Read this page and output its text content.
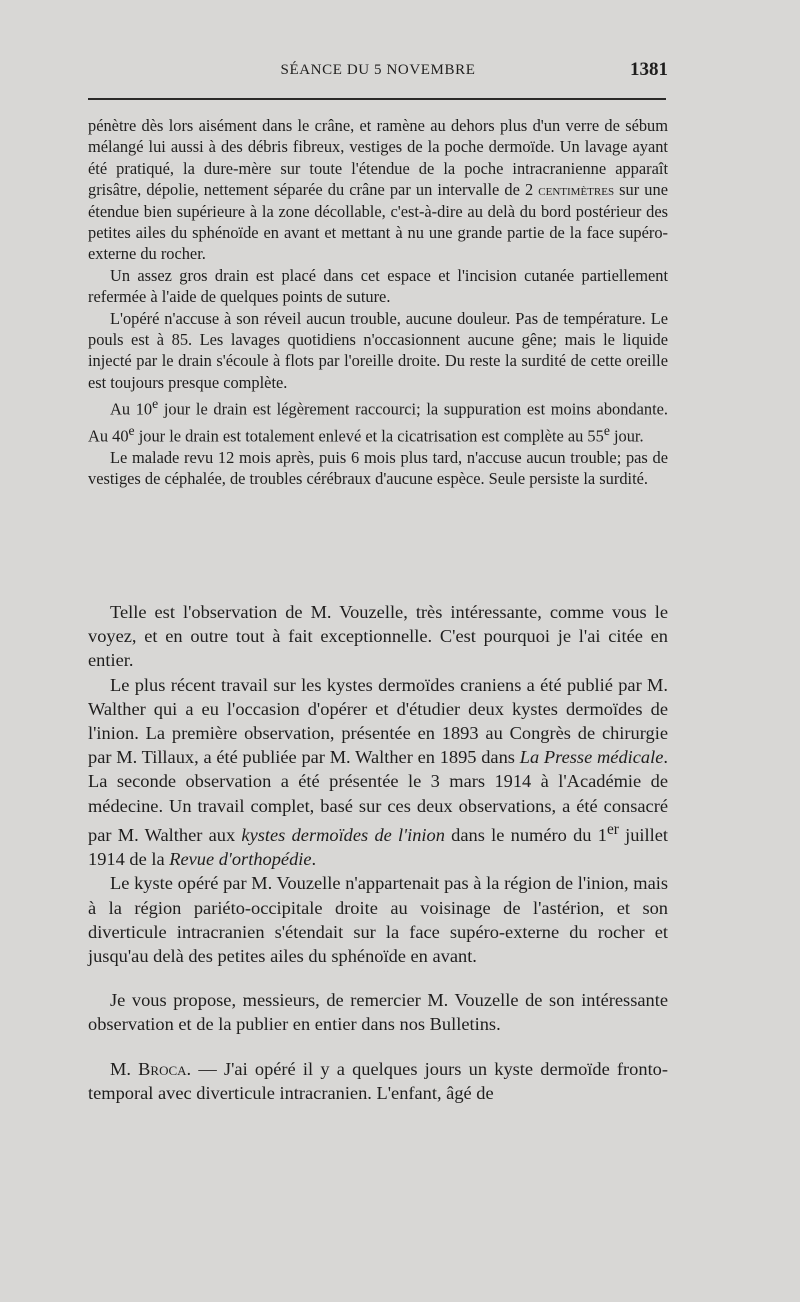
SÉANCE DU 5 NOVEMBRE	1381

pénètre dès lors aisément dans le crâne, et ramène au dehors plus d'un verre de sébum mélangé lui aussi à des débris fibreux, vestiges de la poche dermoïde. Un lavage ayant été pratiqué, la dure-mère sur toute l'étendue de la poche intracranienne apparaît grisâtre, dépolie, nettement séparée du crâne par un intervalle de 2 centimètres sur une étendue bien supérieure à la zone décollable, c'est-à-dire au delà du bord postérieur des petites ailes du sphénoïde en avant et mettant à nu une grande partie de la face supéro-externe du rocher.

Un assez gros drain est placé dans cet espace et l'incision cutanée partiellement refermée à l'aide de quelques points de suture.

L'opéré n'accuse à son réveil aucun trouble, aucune douleur. Pas de température. Le pouls est à 85. Les lavages quotidiens n'occasionnent aucune gêne; mais le liquide injecté par le drain s'écoule à flots par l'oreille droite. Du reste la surdité de cette oreille est toujours presque complète.

Au 10e jour le drain est légèrement raccourci; la suppuration est moins abondante. Au 40e jour le drain est totalement enlevé et la cicatrisation est complète au 55e jour.

Le malade revu 12 mois après, puis 6 mois plus tard, n'accuse aucun trouble; pas de vestiges de céphalée, de troubles cérébraux d'aucune espèce. Seule persiste la surdité.

Telle est l'observation de M. Vouzelle, très intéressante, comme vous le voyez, et en outre tout à fait exceptionnelle. C'est pourquoi je l'ai citée en entier.

Le plus récent travail sur les kystes dermoïdes craniens a été publié par M. Walther qui a eu l'occasion d'opérer et d'étudier deux kystes dermoïdes de l'inion. La première observation, présentée en 1893 au Congrès de chirurgie par M. Tillaux, a été publiée par M. Walther en 1895 dans La Presse médicale. La seconde observation a été présentée le 3 mars 1914 à l'Académie de médecine. Un travail complet, basé sur ces deux observations, a été consacré par M. Walther aux kystes dermoïdes de l'inion dans le numéro du 1er juillet 1914 de la Revue d'orthopédie.

Le kyste opéré par M. Vouzelle n'appartenait pas à la région de l'inion, mais à la région pariéto-occipitale droite au voisinage de l'astérion, et son diverticule intracranien s'étendait sur la face supéro-externe du rocher et jusqu'au delà des petites ailes du sphénoïde en avant.

Je vous propose, messieurs, de remercier M. Vouzelle de son intéressante observation et de la publier en entier dans nos Bulletins.

M. Broca. — J'ai opéré il y a quelques jours un kyste dermoïde fronto-temporal avec diverticule intracranien. L'enfant, âgé de
